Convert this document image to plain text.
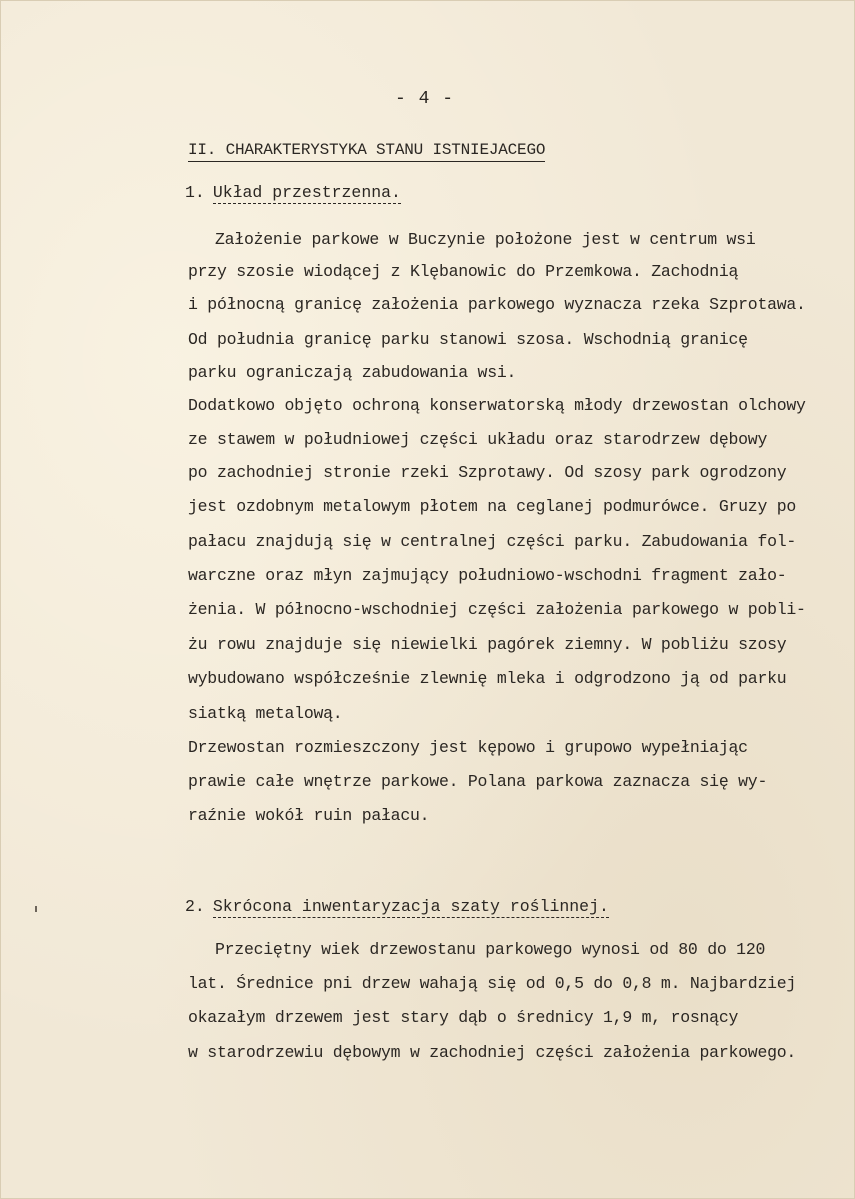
- 4 -
II. CHARAKTERYSTYKA STANU ISTNIEJACEGO
1. Układ przestrzenna.
Założenie parkowe w Buczynie położone jest w centrum wsi
przy szosie wiodącej z Klębanowic do Przemkowa. Zachodnią
i północną granicę założenia parkowego wyznacza rzeka Szprotawa.
Od południa granicę parku stanowi szosa. Wschodnią granicę
parku ograniczają zabudowania wsi.
Dodatkowo objęto ochroną konserwatorską młody drzewostan olchowy
ze stawem w południowej części układu oraz starodrzew dębowy
po zachodniej stronie rzeki Szprotawy. Od szosy park ogrodzony
jest ozdobnym metalowym płotem na ceglanej podmurówce. Gruzy po
pałacu znajdują się w centralnej części parku. Zabudowania fol-
warczne oraz młyn zajmujący południowo-wschodni fragment zało-
żenia. W północno-wschodniej części założenia parkowego w pobli-
żu rowu znajduje się niewielki pagórek ziemny. W pobliżu szosy
wybudowano współcześnie zlewnię mleka i odgrodzono ją od parku
siatką metalową.
Drzewostan rozmieszczony jest kępowo i grupowo wypełniając
prawie całe wnętrze parkowe. Polana parkowa zaznacza się wy-
raźnie wokół ruin pałacu.
2. Skrócona inwentaryzacja szaty roślinnej.
Przeciętny wiek drzewostanu parkowego wynosi od 80 do 120
lat. Średnice pni drzew wahają się od 0,5 do 0,8 m. Najbardziej
okazałym drzewem jest stary dąb o średnicy 1,9 m, rosnący
w starodrzewiu dębowym w zachodniej części założenia parkowego.
